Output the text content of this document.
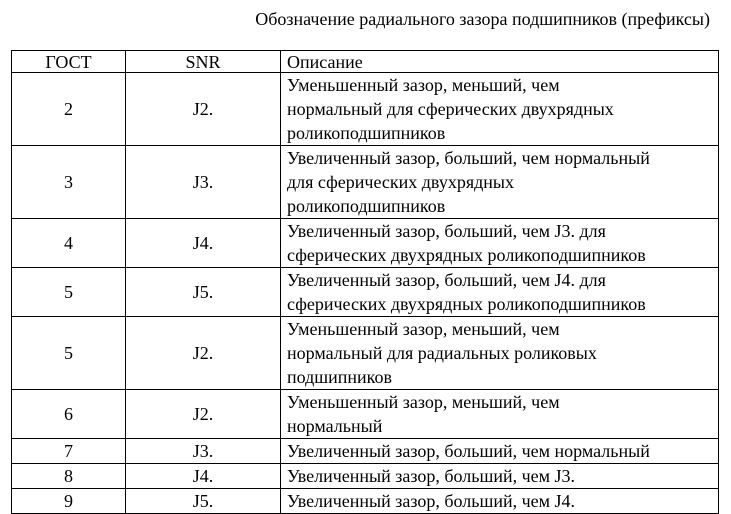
Обозначение радиального зазора подшипников (префиксы)
ГОСТ	SNR	Описание
2	J2.	Уменьшенный зазор, меньший, чем
нормальный для сферических двухрядных
роликоподшипников
3	J3.	Увеличенный зазор, больший, чем нормальный
для сферических двухрядных
роликоподшипников
4	J4.	Увеличенный зазор, больший, чем J3. для
сферических двухрядных роликоподшипников
5	J5.	Увеличенный зазор, больший, чем J4. для
сферических двухрядных роликоподшипников
5	J2.	Уменьшенный зазор, меньший, чем
нормальный для радиальных роликовых
подшипников
6	J2.	Уменьшенный зазор, меньший, чем
нормальный
7	J3.	Увеличенный зазор, больший, чем нормальный
8	J4.	Увеличенный зазор, больший, чем J3.
9	J5.	Увеличенный зазор, больший, чем J4.
